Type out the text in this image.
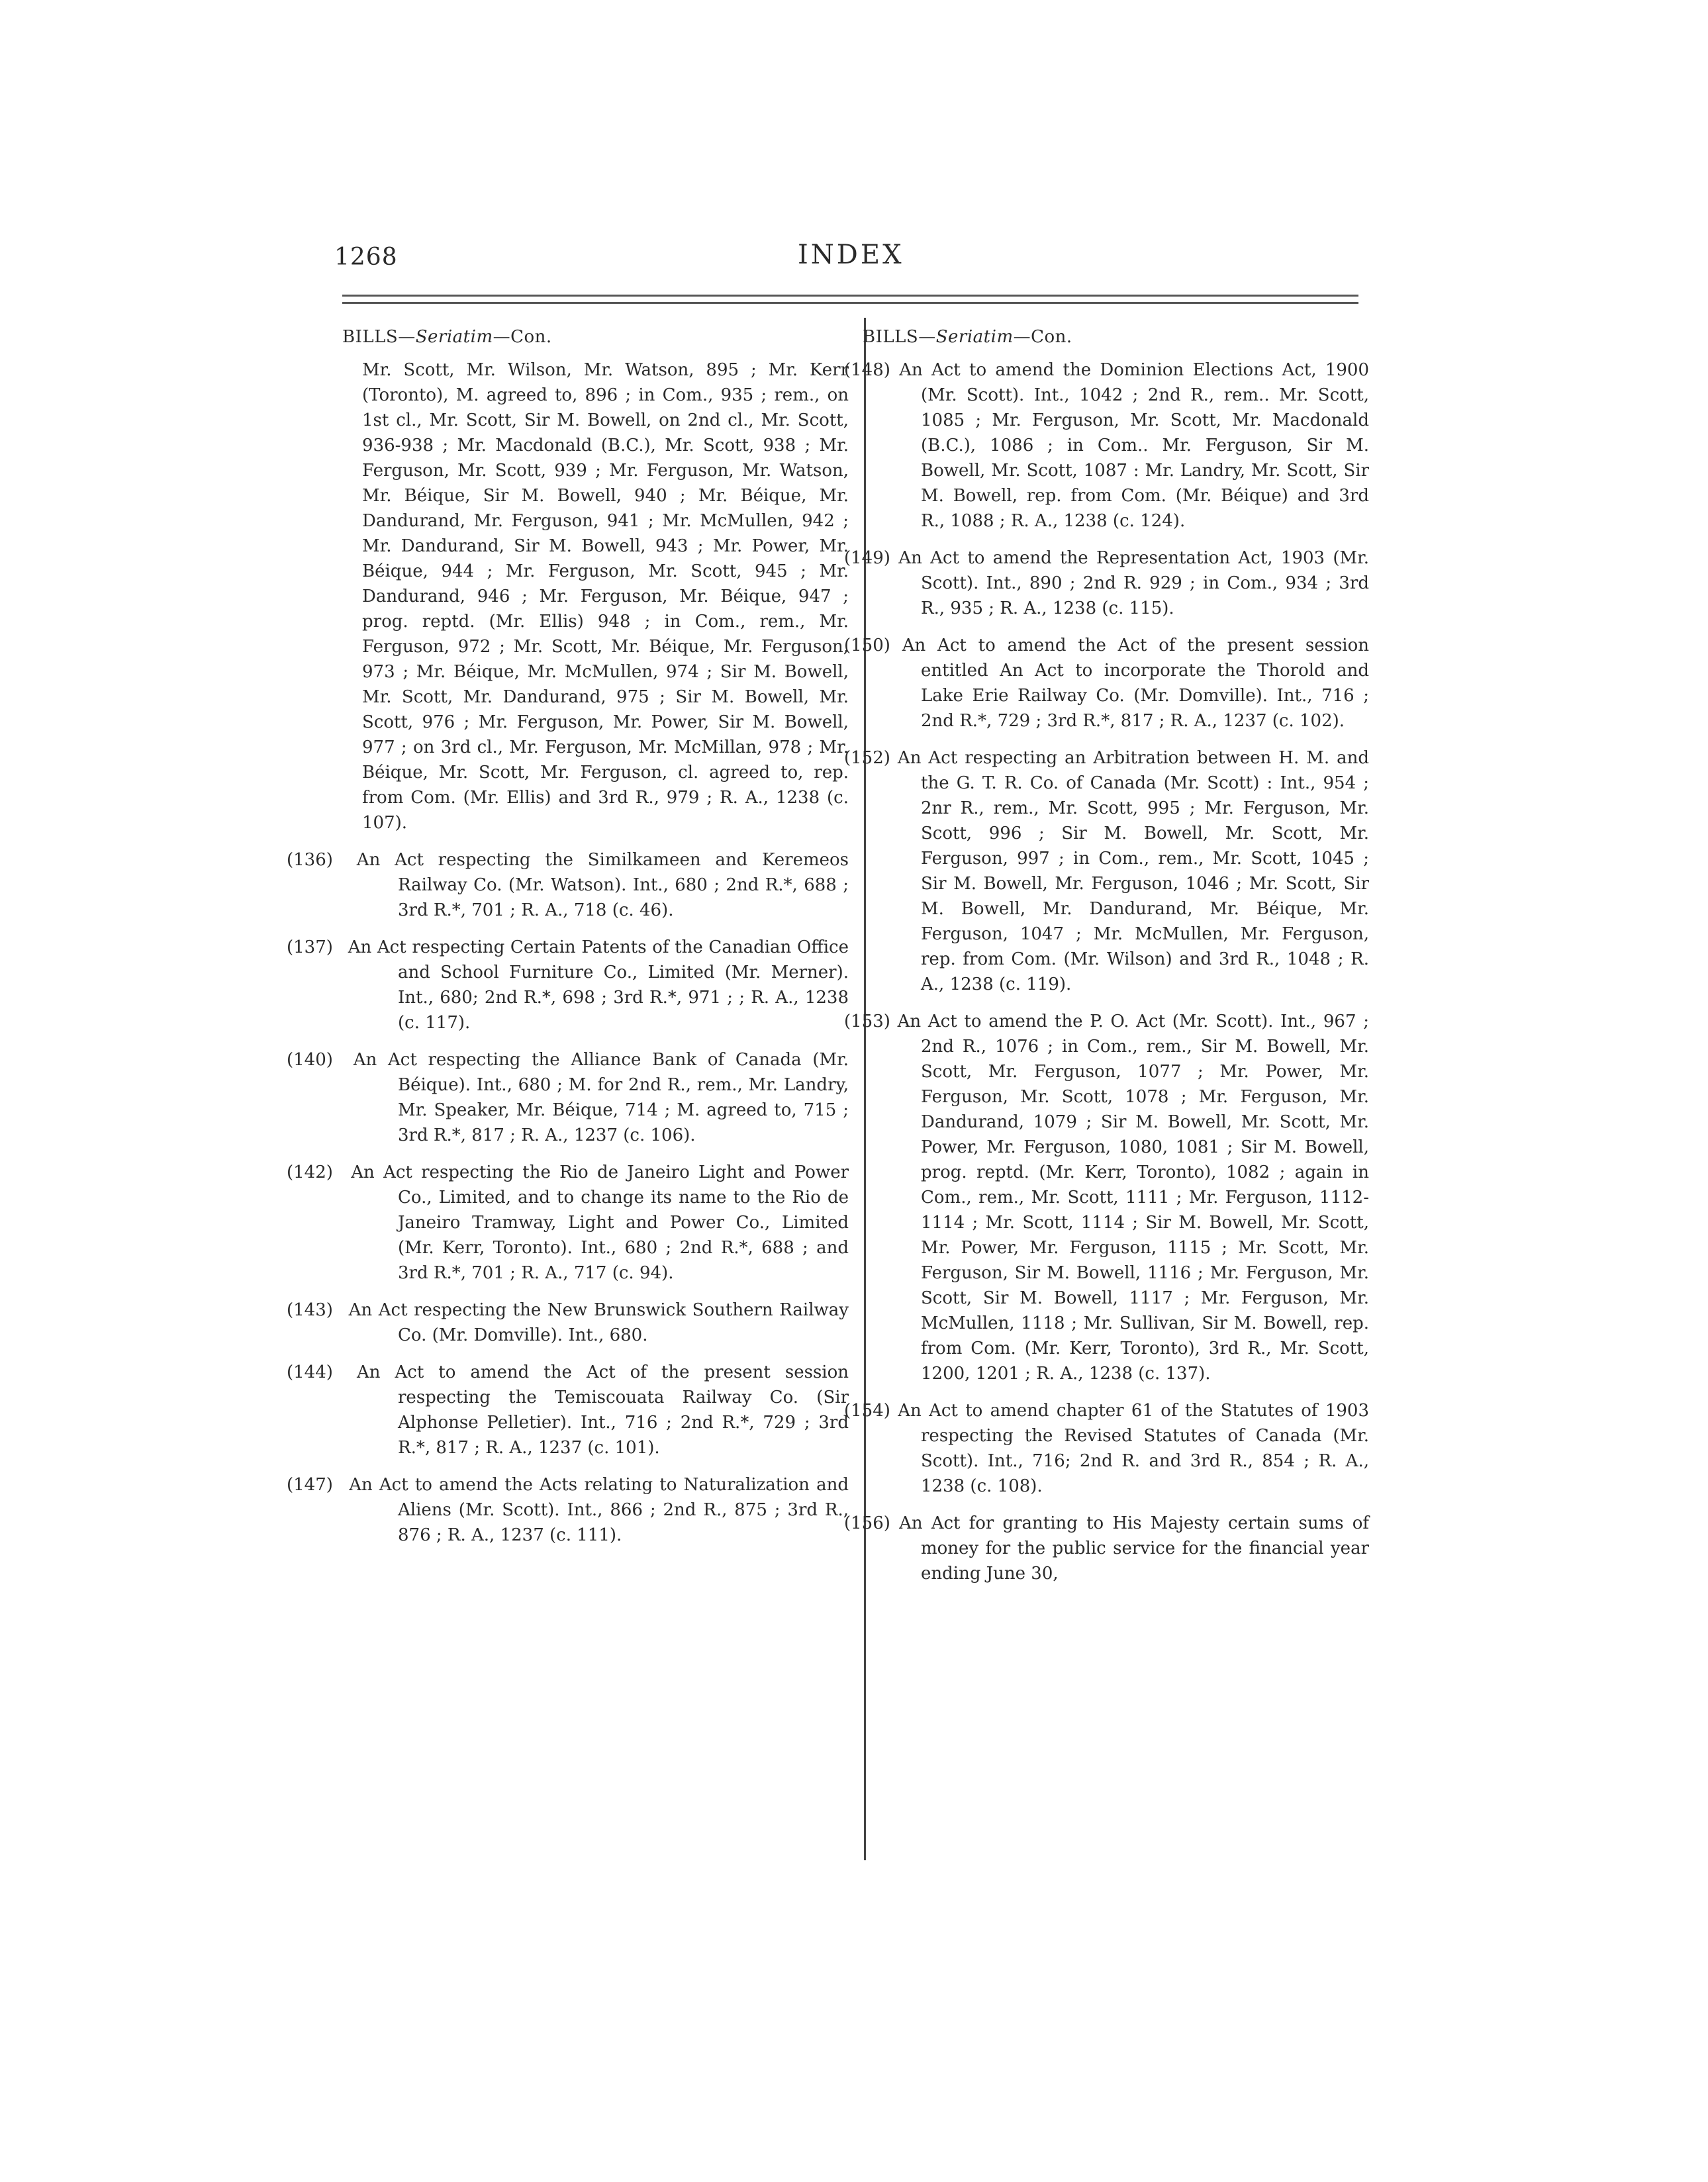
1268	INDEX

BILLS—Seriatim—Con.

Mr. Scott, Mr. Wilson, Mr. Watson, 895 ; Mr. Kerr (Toronto), M. agreed to, 896 ; in Com., 935 ; rem., on 1st cl., Mr. Scott, Sir M. Bowell, on 2nd cl., Mr. Scott, 936-938 ; Mr. Macdonald (B.C.), Mr. Scott, 938 ; Mr. Ferguson, Mr. Scott, 939 ; Mr. Ferguson, Mr. Watson, Mr. Béique, Sir M. Bowell, 940 ; Mr. Béique, Mr. Dandurand, Mr. Ferguson, 941 ; Mr. McMullen, 942 ; Mr. Dandurand, Sir M. Bowell, 943 ; Mr. Power, Mr. Béique, 944 ; Mr. Ferguson, Mr. Scott, 945 ; Mr. Dandurand, 946 ; Mr. Ferguson, Mr. Béique, 947 ; prog. reptd. (Mr. Ellis) 948 ; in Com., rem., Mr. Ferguson, 972 ; Mr. Scott, Mr. Béique, Mr. Ferguson, 973 ; Mr. Béique, Mr. McMullen, 974 ; Sir M. Bowell, Mr. Scott, Mr. Dandurand, 975 ; Sir M. Bowell, Mr. Scott, 976 ; Mr. Ferguson, Mr. Power, Sir M. Bowell, 977 ; on 3rd cl., Mr. Ferguson, Mr. McMillan, 978 ; Mr. Béique, Mr. Scott, Mr. Ferguson, cl. agreed to, rep. from Com. (Mr. Ellis) and 3rd R., 979 ; R. A., 1238 (c. 107).

(136) An Act respecting the Similkameen and Keremeos Railway Co. (Mr. Watson). Int., 680 ; 2nd R.*, 688 ; 3rd R.*, 701 ; R. A., 718 (c. 46).

(137) An Act respecting Certain Patents of the Canadian Office and School Furniture Co., Limited (Mr. Merner). Int., 680; 2nd R.*, 698 ; 3rd R.*, 971 ; ; R. A., 1238 (c. 117).

(140) An Act respecting the Alliance Bank of Canada (Mr. Béique). Int., 680 ; M. for 2nd R., rem., Mr. Landry, Mr. Speaker, Mr. Béique, 714 ; M. agreed to, 715 ; 3rd R.*, 817 ; R. A., 1237 (c. 106).

(142) An Act respecting the Rio de Janeiro Light and Power Co., Limited, and to change its name to the Rio de Janeiro Tramway, Light and Power Co., Limited (Mr. Kerr, Toronto). Int., 680 ; 2nd R.*, 688 ; and 3rd R.*, 701 ; R. A., 717 (c. 94).

(143) An Act respecting the New Brunswick Southern Railway Co. (Mr. Domville). Int., 680.

(144) An Act to amend the Act of the present session respecting the Temiscouata Railway Co. (Sir Alphonse Pelletier). Int., 716 ; 2nd R.*, 729 ; 3rd R.*, 817 ; R. A., 1237 (c. 101).

(147) An Act to amend the Acts relating to Naturalization and Aliens (Mr. Scott). Int., 866 ; 2nd R., 875 ; 3rd R., 876 ; R. A., 1237 (c. 111).

BILLS—Seriatim—Con.

(148) An Act to amend the Dominion Elections Act, 1900 (Mr. Scott). Int., 1042 ; 2nd R., rem.. Mr. Scott, 1085 ; Mr. Ferguson, Mr. Scott, Mr. Macdonald (B.C.), 1086 ; in Com.. Mr. Ferguson, Sir M. Bowell, Mr. Scott, 1087 : Mr. Landry, Mr. Scott, Sir M. Bowell, rep. from Com. (Mr. Béique) and 3rd R., 1088 ; R. A., 1238 (c. 124).

(149) An Act to amend the Representation Act, 1903 (Mr. Scott). Int., 890 ; 2nd R. 929 ; in Com., 934 ; 3rd R., 935 ; R. A., 1238 (c. 115).

(150) An Act to amend the Act of the present session entitled An Act to incorporate the Thorold and Lake Erie Railway Co. (Mr. Domville). Int., 716 ; 2nd R.*, 729 ; 3rd R.*, 817 ; R. A., 1237 (c. 102).

(152) An Act respecting an Arbitration between H. M. and the G. T. R. Co. of Canada (Mr. Scott) : Int., 954 ; 2nr R., rem., Mr. Scott, 995 ; Mr. Ferguson, Mr. Scott, 996 ; Sir M. Bowell, Mr. Scott, Mr. Ferguson, 997 ; in Com., rem., Mr. Scott, 1045 ; Sir M. Bowell, Mr. Ferguson, 1046 ; Mr. Scott, Sir M. Bowell, Mr. Dandurand, Mr. Béique, Mr. Ferguson, 1047 ; Mr. McMullen, Mr. Ferguson, rep. from Com. (Mr. Wilson) and 3rd R., 1048 ; R. A., 1238 (c. 119).

(153) An Act to amend the P. O. Act (Mr. Scott). Int., 967 ; 2nd R., 1076 ; in Com., rem., Sir M. Bowell, Mr. Scott, Mr. Ferguson, 1077 ; Mr. Power, Mr. Ferguson, Mr. Scott, 1078 ; Mr. Ferguson, Mr. Dandurand, 1079 ; Sir M. Bowell, Mr. Scott, Mr. Power, Mr. Ferguson, 1080, 1081 ; Sir M. Bowell, prog. reptd. (Mr. Kerr, Toronto), 1082 ; again in Com., rem., Mr. Scott, 1111 ; Mr. Ferguson, 1112-1114 ; Mr. Scott, 1114 ; Sir M. Bowell, Mr. Scott, Mr. Power, Mr. Ferguson, 1115 ; Mr. Scott, Mr. Ferguson, Sir M. Bowell, 1116 ; Mr. Ferguson, Mr. Scott, Sir M. Bowell, 1117 ; Mr. Ferguson, Mr. McMullen, 1118 ; Mr. Sullivan, Sir M. Bowell, rep. from Com. (Mr. Kerr, Toronto), 3rd R., Mr. Scott, 1200, 1201 ; R. A., 1238 (c. 137).

(154) An Act to amend chapter 61 of the Statutes of 1903 respecting the Revised Statutes of Canada (Mr. Scott). Int., 716; 2nd R. and 3rd R., 854 ; R. A., 1238 (c. 108).

(156) An Act for granting to His Majesty certain sums of money for the public service for the financial year ending June 30,
